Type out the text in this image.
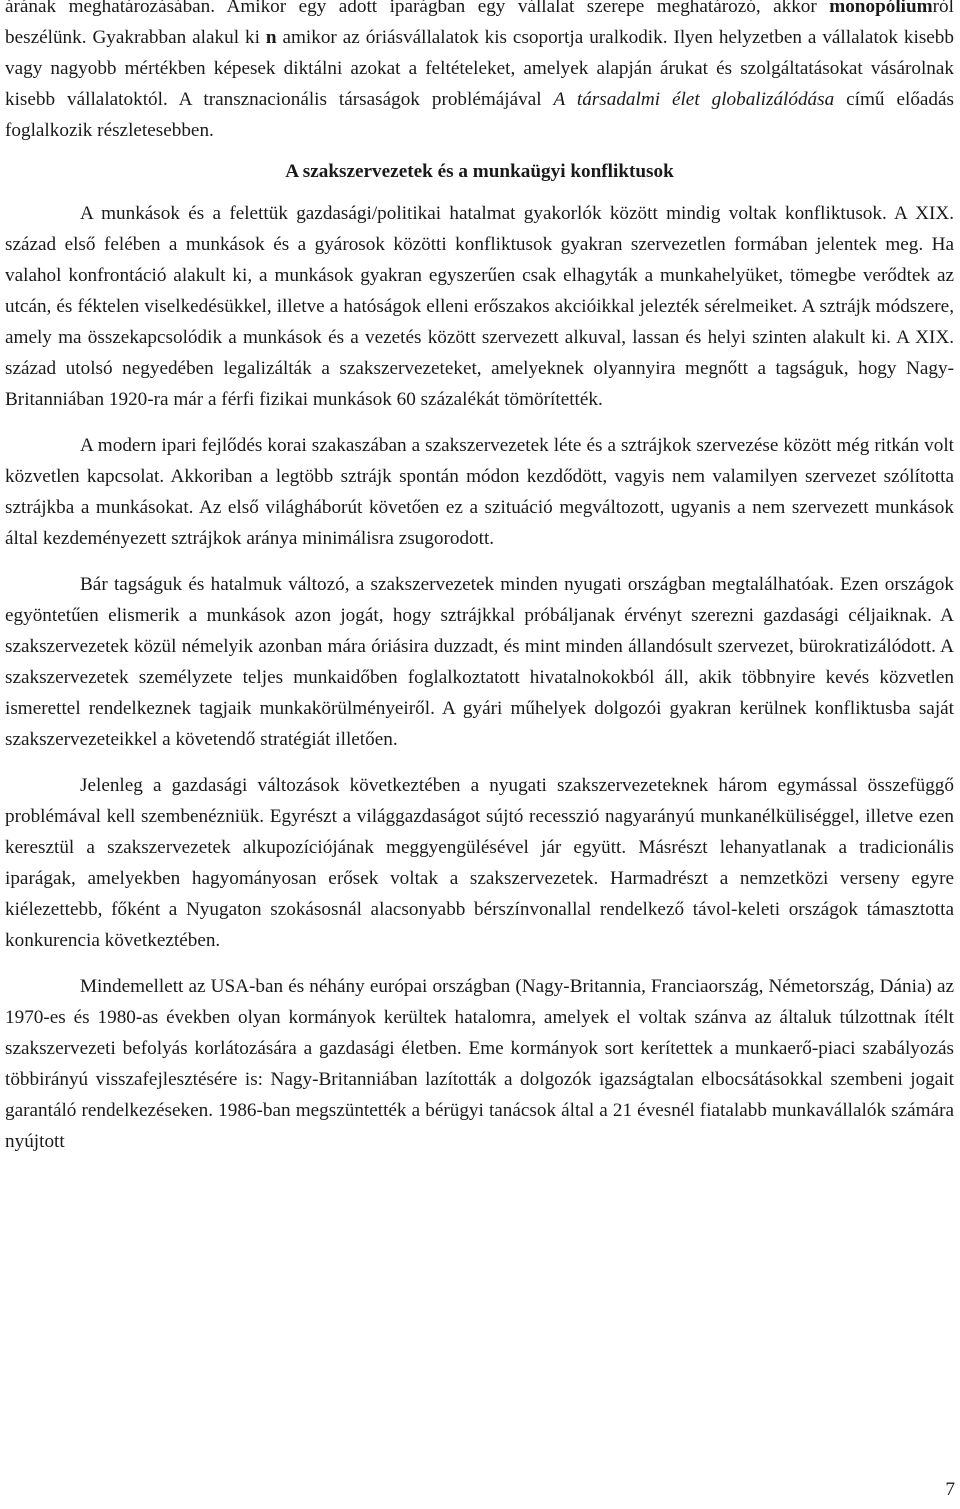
árának meghatározásában. Amikor egy adott iparágban egy vállalat szerepe meghatározó, akkor monopóliumról beszélünk. Gyakrabban alakul ki n amikor az óriásvállalatok kis csoportja uralkodik. Ilyen helyzetben a vállalatok kisebb vagy nagyobb mértékben képesek diktálni azokat a feltételeket, amelyek alapján árukat és szolgáltatásokat vásárolnak kisebb vállalatoktól. A transznacionális társaságok problémájával A társadalmi élet globalizálódása című előadás foglalkozik részletesebben.

A szakszervezetek és a munkaügyi konfliktusok

A munkások és a felettük gazdasági/politikai hatalmat gyakorlók között mindig voltak konfliktusok. A XIX. század első felében a munkások és a gyárosok közötti konfliktusok gyakran szervezetlen formában jelentek meg. Ha valahol konfrontáció alakult ki, a munkások gyakran egyszerűen csak elhagyták a munkahelyüket, tömegbe verődtek az utcán, és féktelen viselkedésükkel, illetve a hatóságok elleni erőszakos akcióikkal jelezték sérelmeiket. A sztrájk módszere, amely ma összekapcsolódik a munkások és a vezetés között szervezett alkuval, lassan és helyi szinten alakult ki. A XIX. század utolsó negyedében legalizálták a szakszervezeteket, amelyeknek olyannyira megnőtt a tagságuk, hogy Nagy-Britanniában 1920-ra már a férfi fizikai munkások 60 százalékát tömörítették.

A modern ipari fejlődés korai szakaszában a szakszervezetek léte és a sztrájkok szervezése között még ritkán volt közvetlen kapcsolat. Akkoriban a legtöbb sztrájk spontán módon kezdődött, vagyis nem valamilyen szervezet szólította sztrájkba a munkásokat. Az első világháborút követően ez a szituáció megváltozott, ugyanis a nem szervezett munkások által kezdeményezett sztrájkok aránya minimálisra zsugorodott.

Bár tagságuk és hatalmuk változó, a szakszervezetek minden nyugati országban megtalálhatóak. Ezen országok egyöntetűen elismerik a munkások azon jogát, hogy sztrájkkal próbáljanak érvényt szerezni gazdasági céljaiknak. A szakszervezetek közül némelyik azonban mára óriásira duzzadt, és mint minden állandósult szervezet, bürokratizálódott. A szakszervezetek személyzete teljes munkaidőben foglalkoztatott hivatalnokokból áll, akik többnyire kevés közvetlen ismerettel rendelkeznek tagjaik munkakörülményeiről. A gyári műhelyek dolgozói gyakran kerülnek konfliktusba saját szakszervezeteikkel a követendő stratégiát illetően.

Jelenleg a gazdasági változások következtében a nyugati szakszervezeteknek három egymással összefüggő problémával kell szembenézniük. Egyrészt a világgazdaságot sújtó recesszió nagyarányú munkanélküliséggel, illetve ezen keresztül a szakszervezetek alkupozíciójának meggyengülésével jár együtt. Másrészt lehanyatlanak a tradicionális iparágak, amelyekben hagyományosan erősek voltak a szakszervezetek. Harmadrészt a nemzetközi verseny egyre kiélezettebb, főként a Nyugaton szokásosnál alacsonyabb bérszínvonallal rendelkező távol-keleti országok támasztotta konkurencia következtében.

Mindemellett az USA-ban és néhány európai országban (Nagy-Britannia, Franciaország, Németország, Dánia) az 1970-es és 1980-as években olyan kormányok kerültek hatalomra, amelyek el voltak szánva az általuk túlzottnak ítélt szakszervezeti befolyás korlátozására a gazdasági életben. Eme kormányok sort kerítettek a munkaerő-piaci szabályozás többirányú visszafejlesztésére is: Nagy-Britanniában lazították a dolgozók igazságtalan elbocsátásokkal szembeni jogait garantáló rendelkezéseken. 1986-ban megszüntették a bérügyi tanácsok által a 21 évesnél fiatalabb munkavállalók számára nyújtott

7
